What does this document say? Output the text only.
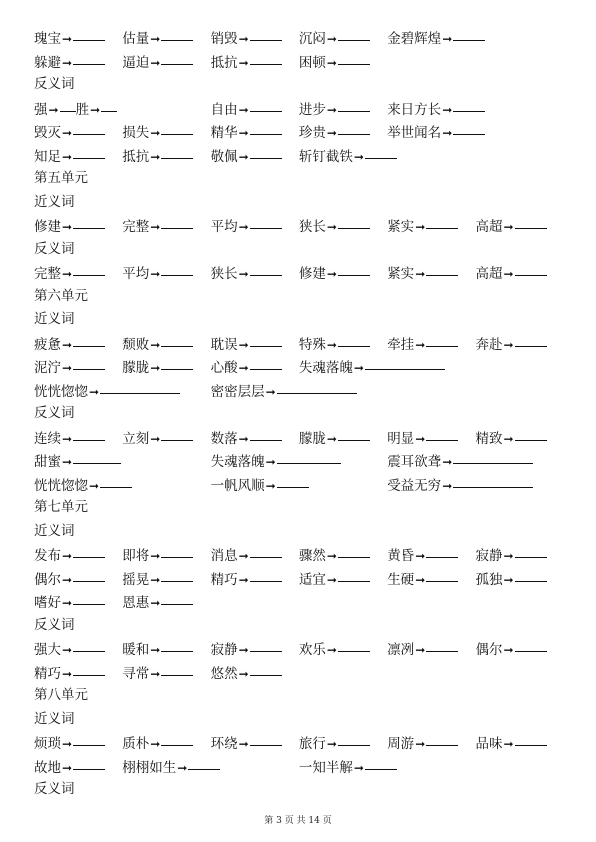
瑰宝➞	估量➞	销毁➞	沉闷➞	金碧辉煌➞
躲避➞	逼迫➞	抵抗➞	困顿➞
反义词
强➞ 胜➞	自由➞	进步➞	来日方长➞
毁灭➞	损失➞	精华➞	珍贵➞	举世闻名➞
知足➞	抵抗➞	敬佩➞	斩钉截铁➞
第五单元
近义词
修建➞	完整➞	平均➞	狭长➞	紧实➞	高超➞
反义词
完整➞	平均➞	狭长➞	修建➞	紧实➞	高超➞
第六单元
近义词
疲惫➞	颓败➞	耽误➞	特殊➞	牵挂➞	奔赴➞
泥泞➞	朦胧➞	心酸➞	失魂落魄➞
恍恍惚惚➞	密密层层➞
反义词
连续➞	立刻➞	数落➞	朦胧➞	明显➞	精致➞
甜蜜➞	失魂落魄➞	震耳欲聋➞
恍恍惚惚➞	一帆风顺➞	受益无穷➞
第七单元
近义词
发布➞	即将➞	消息➞	骤然➞	黄昏➞	寂静➞
偶尔➞	摇晃➞	精巧➞	适宜➞	生硬➞	孤独➞
嗜好➞	恩惠➞
反义词
强大➞	暖和➞	寂静➞	欢乐➞	凛冽➞	偶尔➞
精巧➞	寻常➞	悠然➞
第八单元
近义词
烦琐➞	质朴➞	环绕➞	旅行➞	周游➞	品味➞
故地➞	栩栩如生➞	一知半解➞
反义词
第 3 页 共 14 页
